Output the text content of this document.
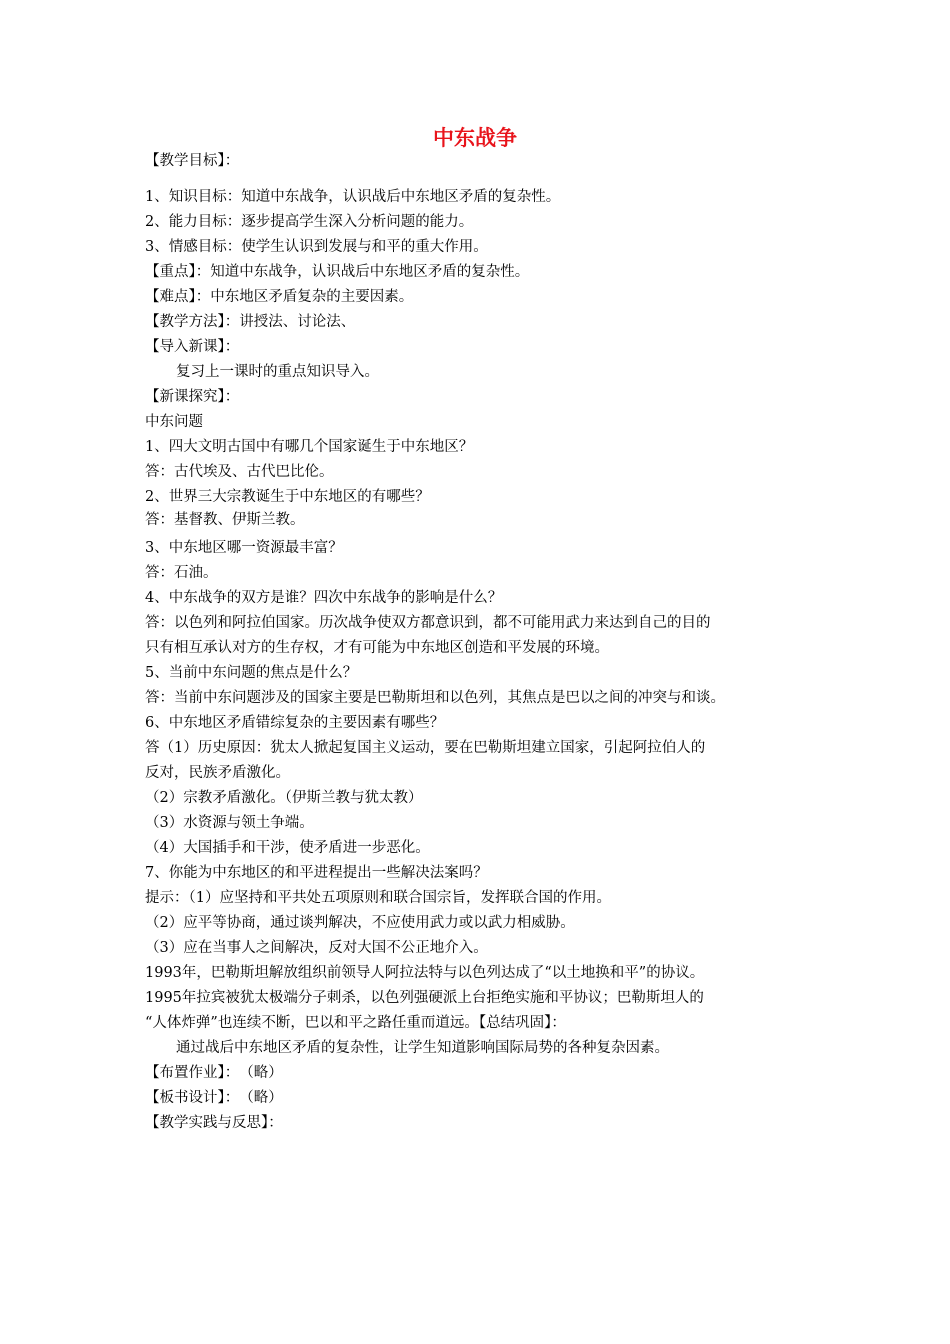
中东战争
【教学目标】：
1、知识目标：知道中东战争，认识战后中东地区矛盾的复杂性。
2、能力目标：逐步提高学生深入分析问题的能力。
3、情感目标：使学生认识到发展与和平的重大作用。
【重点】：知道中东战争，认识战后中东地区矛盾的复杂性。
【难点】：中东地区矛盾复杂的主要因素。
【教学方法】：讲授法、讨论法、
【导入新课】：
复习上一课时的重点知识导入。
【新课探究】：
中东问题
1、四大文明古国中有哪几个国家诞生于中东地区？
答：古代埃及、古代巴比伦。
2、世界三大宗教诞生于中东地区的有哪些？
答：基督教、伊斯兰教。
3、中东地区哪一资源最丰富？
答：石油。
4、中东战争的双方是谁？四次中东战争的影响是什么？
答：以色列和阿拉伯国家。历次战争使双方都意识到，都不可能用武力来达到自己的目的
只有相互承认对方的生存权，才有可能为中东地区创造和平发展的环境。
5、当前中东问题的焦点是什么？
答：当前中东问题涉及的国家主要是巴勒斯坦和以色列，其焦点是巴以之间的冲突与和谈。
6、中东地区矛盾错综复杂的主要因素有哪些？
答（1）历史原因：犹太人掀起复国主义运动，要在巴勒斯坦建立国家，引起阿拉伯人的
反对，民族矛盾激化。
（2）宗教矛盾激化。（伊斯兰教与犹太教）
（3）水资源与领土争端。
（4）大国插手和干涉，使矛盾进一步恶化。
7、你能为中东地区的和平进程提出一些解决法案吗？
提示：（1）应坚持和平共处五项原则和联合国宗旨，发挥联合国的作用。
（2）应平等协商，通过谈判解决，不应使用武力或以武力相威胁。
（3）应在当事人之间解决，反对大国不公正地介入。
1993年，巴勒斯坦解放组织前领导人阿拉法特与以色列达成了“以土地换和平”的协议。
1995年拉宾被犹太极端分子刺杀，以色列强硬派上台拒绝实施和平协议；巴勒斯坦人的
“人体炸弹”也连续不断，巴以和平之路任重而道远。【总结巩固】：
通过战后中东地区矛盾的复杂性，让学生知道影响国际局势的各种复杂因素。
【布置作业】：　（略）
【板书设计】：　（略）
【教学实践与反思】：
